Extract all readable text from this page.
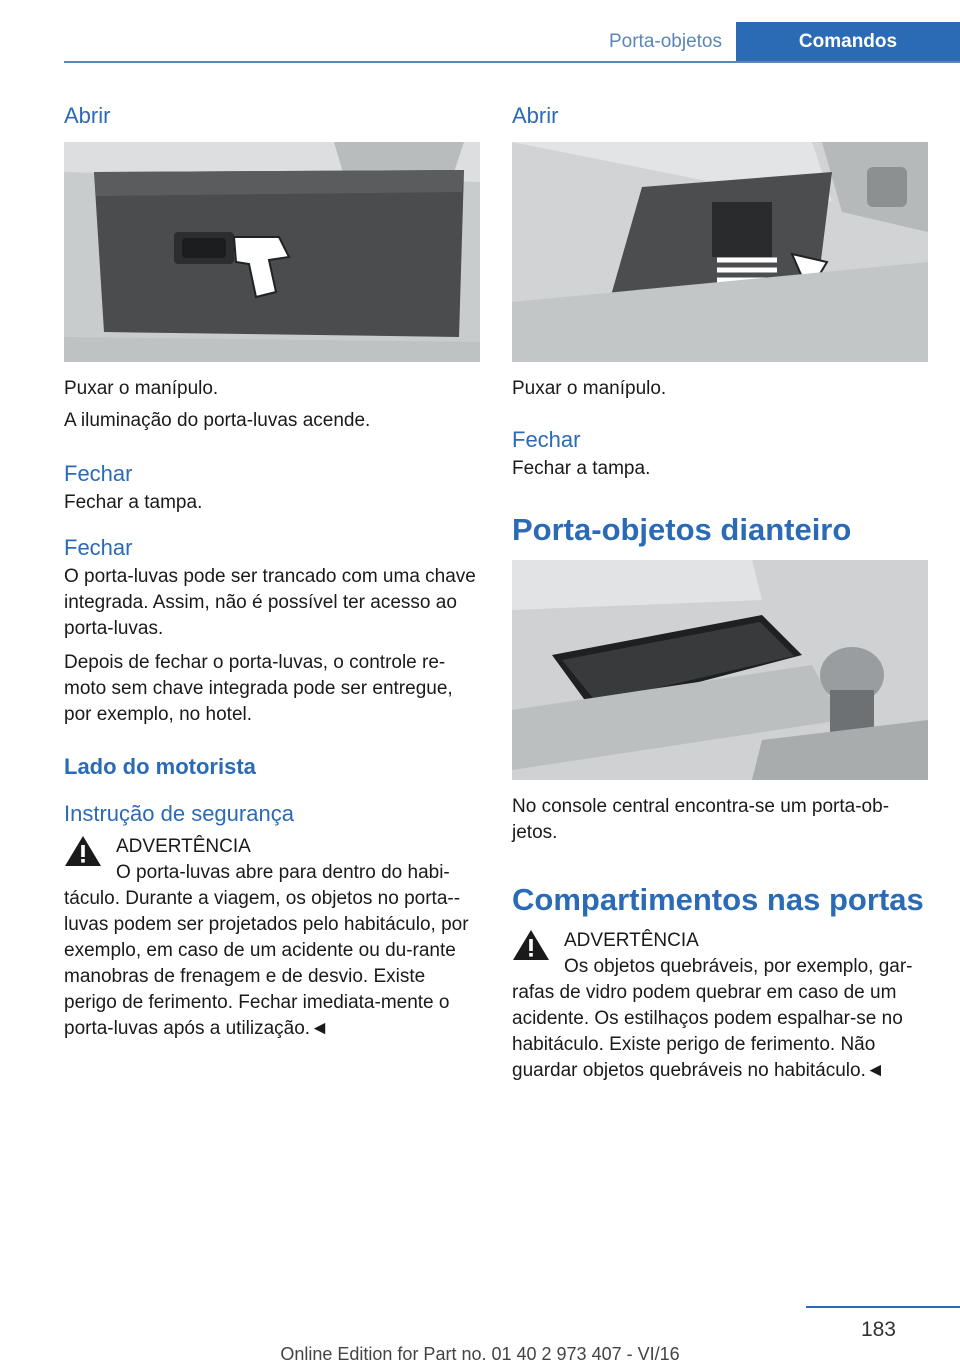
Porta-objetos	Comandos
Abrir

Puxar o manípulo.

A iluminação do porta-luvas acende.

Fechar

Fechar a tampa.

Fechar

O porta-luvas pode ser trancado com uma chave integrada. Assim, não é possível ter acesso ao porta-luvas.

Depois de fechar o porta-luvas, o controle re-moto sem chave integrada pode ser entregue, por exemplo, no hotel.

Lado do motorista
Instrução de segurança
ADVERTÊNCIA
O porta-luvas abre para dentro do habi-
táculo. Durante a viagem, os objetos no porta--luvas podem ser projetados pelo habitáculo, por exemplo, em caso de um acidente ou du-rante manobras de frenagem e de desvio. Existe perigo de ferimento. Fechar imediata-mente o porta-luvas após a utilização.◄
Abrir

Puxar o manípulo.

Fechar

Fechar a tampa.

Porta-objetos dianteiro

No console central encontra-se um porta-ob-jetos.

Compartimentos nas portas
ADVERTÊNCIA
Os objetos quebráveis, por exemplo, gar-
rafas de vidro podem quebrar em caso de um acidente. Os estilhaços podem espalhar-se no habitáculo. Existe perigo de ferimento. Não guardar objetos quebráveis no habitáculo.◄
183
Online Edition for Part no. 01 40 2 973 407 - VI/16
